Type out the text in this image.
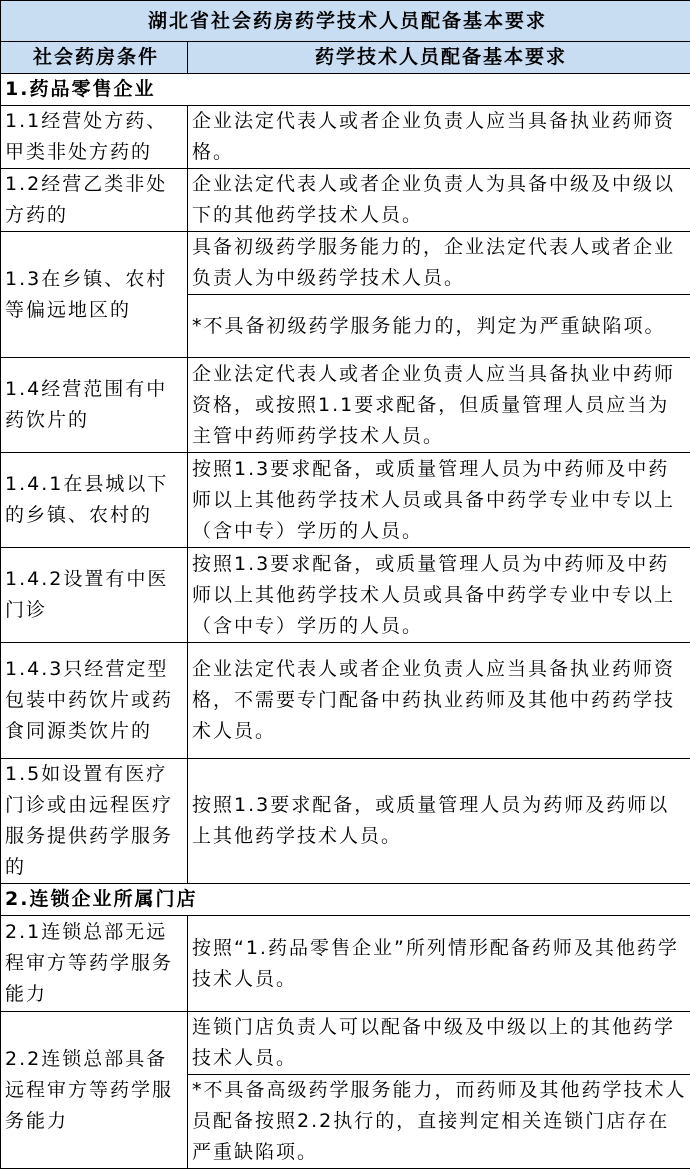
湖北省社会药房药学技术人员配备基本要求	
社会药房条件	药学技术人员配备基本要求
1.药品零售企业	
1.1经营处方药、甲类非处方药的	企业法定代表人或者企业负责人应当具备执业药师资格。
1.2经营乙类非处方药的	企业法定代表人或者企业负责人为具备中级及中级以下的其他药学技术人员。
1.3在乡镇、农村等偏远地区的	具备初级药学服务能力的，企业法定代表人或者企业负责人为中级药学技术人员。
	*不具备初级药学服务能力的，判定为严重缺陷项。
1.4经营范围有中药饮片的	企业法定代表人或者企业负责人应当具备执业中药师资格，或按照1.1要求配备，但质量管理人员应当为主管中药师药学技术人员。
1.4.1在县城以下的乡镇、农村的	按照1.3要求配备，或质量管理人员为中药师及中药师以上其他药学技术人员或具备中药学专业中专以上（含中专）学历的人员。
1.4.2设置有中医门诊	按照1.3要求配备，或质量管理人员为中药师及中药师以上其他药学技术人员或具备中药学专业中专以上（含中专）学历的人员。
1.4.3只经营定型包装中药饮片或药食同源类饮片的	企业法定代表人或者企业负责人应当具备执业药师资格，不需要专门配备中药执业药师及其他中药药学技术人员。
1.5如设置有医疗门诊或由远程医疗服务提供药学服务的	按照1.3要求配备，或质量管理人员为药师及药师以上其他药学技术人员。
2.连锁企业所属门店	
2.1连锁总部无远程审方等药学服务能力	按照“1.药品零售企业”所列情形配备药师及其他药学技术人员。
2.2连锁总部具备远程审方等药学服务能力	连锁门店负责人可以配备中级及中级以上的其他药学技术人员。
	*不具备高级药学服务能力，而药师及其他药学技术人员配备按照2.2执行的，直接判定相关连锁门店存在严重缺陷项。
